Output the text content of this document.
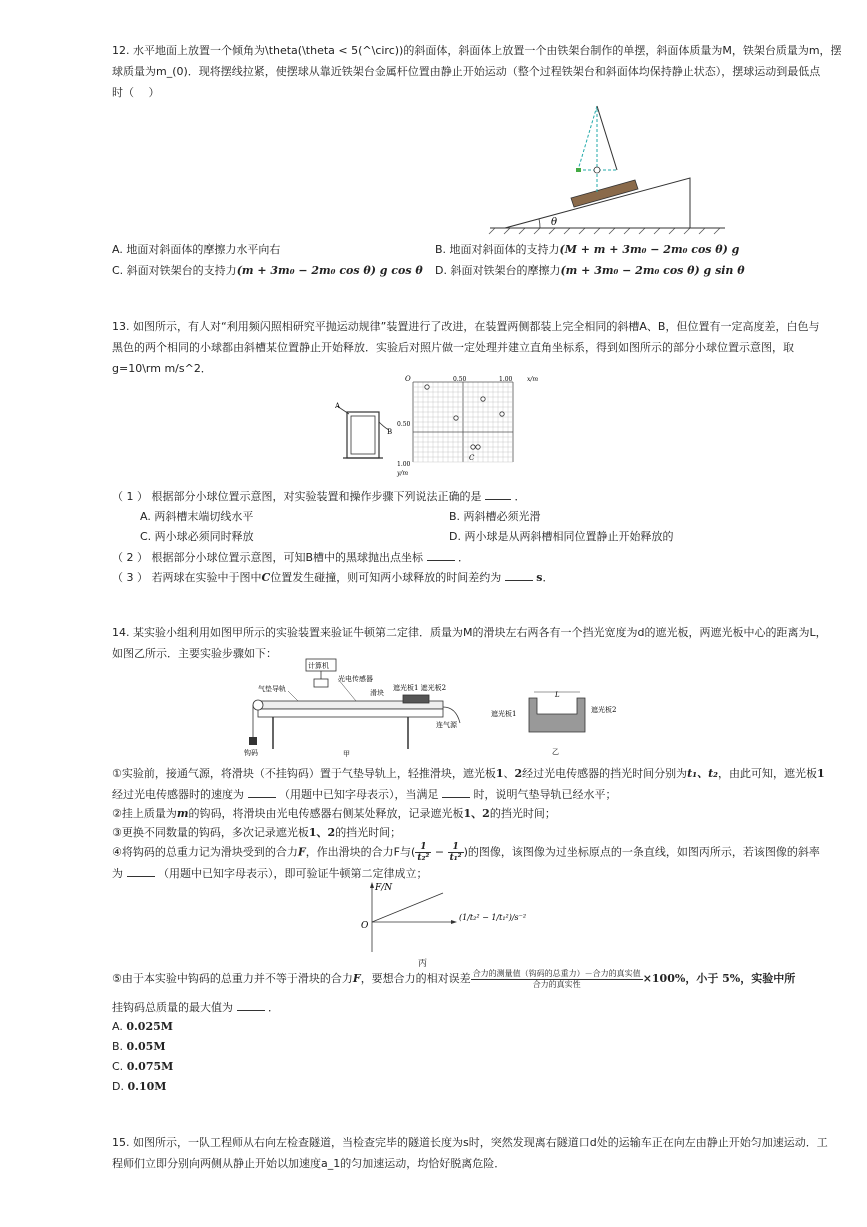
12. 水平地面上放置一个倾角为\theta(\theta < 5(^\circ))的斜面体，斜面体上放置一个由铁架台制作的单摆，斜面体质量为M，铁架台质量为m，摆
球质量为m_(0)．现将摆线拉紧，使摆球从靠近铁架台金属杆位置由静止开始运动（整个过程铁架台和斜面体均保持静止状态），摆球运动到最低点
时（　 ）
θ
A. 地面对斜面体的摩擦力水平向右	B. 地面对斜面体的支持力(M + m + 3m₀ − 2m₀ cos θ) g
C. 斜面对铁架台的支持力(m + 3m₀ − 2m₀ cos θ) g cos θ D. 斜面对铁架台的摩擦力(m + 3m₀ − 2m₀ cos θ) g sin θ
13. 如图所示，有人对“利用频闪照相研究平抛运动规律”装置进行了改进，在装置两侧都装上完全相同的斜槽A、B，但位置有一定高度差，白色与
黑色的两个相同的小球都由斜槽某位置静止开始释放．实验后对照片做一定处理并建立直角坐标系，得到如图所示的部分小球位置示意图，取
g=10\rm m/s^2．
A
B
O	0.50	1.00 x/m
0.50
1.00
y/m
C
（ 1 ） 根据部分小球位置示意图，对实验装置和操作步骤下列说法正确的是	．
A. 两斜槽末端切线水平	B. 两斜槽必须光滑
C. 两小球必须同时释放	D. 两小球是从两斜槽相同位置静止开始释放的
（ 2 ） 根据部分小球位置示意图，可知B槽中的黑球抛出点坐标	．
（ 3 ） 若两球在实验中于图中C位置发生碰撞，则可知两小球释放的时间差约为	s．
14. 某实验小组利用如图甲所示的实验装置来验证牛顿第二定律．质量为M的滑块左右两各有一个挡光宽度为d的遮光板，两遮光板中心的距离为L，
如图乙所示．主要实验步骤如下：
计算机
光电传感器
气垫导轨	滑块
遮光板1 遮光板2
钩码
连气源
甲
L
遮光板1	遮光板2
乙
①实验前，接通气源，将滑块（不挂钩码）置于气垫导轨上，轻推滑块，遮光板1、2经过光电传感器的挡光时间分别为t₁、t₂，由此可知，遮光板1
经过光电传感器时的速度为	（用题中已知字母表示），当满足	时，说明气垫导轨已经水平；
②挂上质量为m的钩码，将滑块由光电传感器右侧某处释放，记录遮光板1、2的挡光时间；
③更换不同数量的钩码，多次记录遮光板1、2的挡光时间；
④将钩码的总重力记为滑块受到的合力F，作出滑块的合力F与( $\frac{1}{\text{t₂²}} - \frac{1}{\text{t₁²}}$ )的图像，该图像为过坐标原点的一条直线，如图丙所示，若该图像的斜率
为	（用题中已知字母表示），即可验证牛顿第二定律成立；
F/N
O
(1/t₂² − 1/t₁²)/s⁻²
丙
⑤由于本实验中钩码的总重力并不等于滑块的合力F，要想合力的相对误差 $\frac{\text{合力的测量值（钩码的总重力）－合力的真实值}}{\text{合力的真实性}} \times 100\%$，小于 5%，实验中所
挂钩码总质量的最大值为	．
A. 0.025M
B. 0.05M
C. 0.075M
D. 0.10M
15. 如图所示，一队工程师从右向左检查隧道，当检查完毕的隧道长度为s时，突然发现离右隧道口d处的运输车正在向左由静止开始匀加速运动．工
程师们立即分别向两侧从静止开始以加速度a_1的匀加速运动，均恰好脱离危险．
